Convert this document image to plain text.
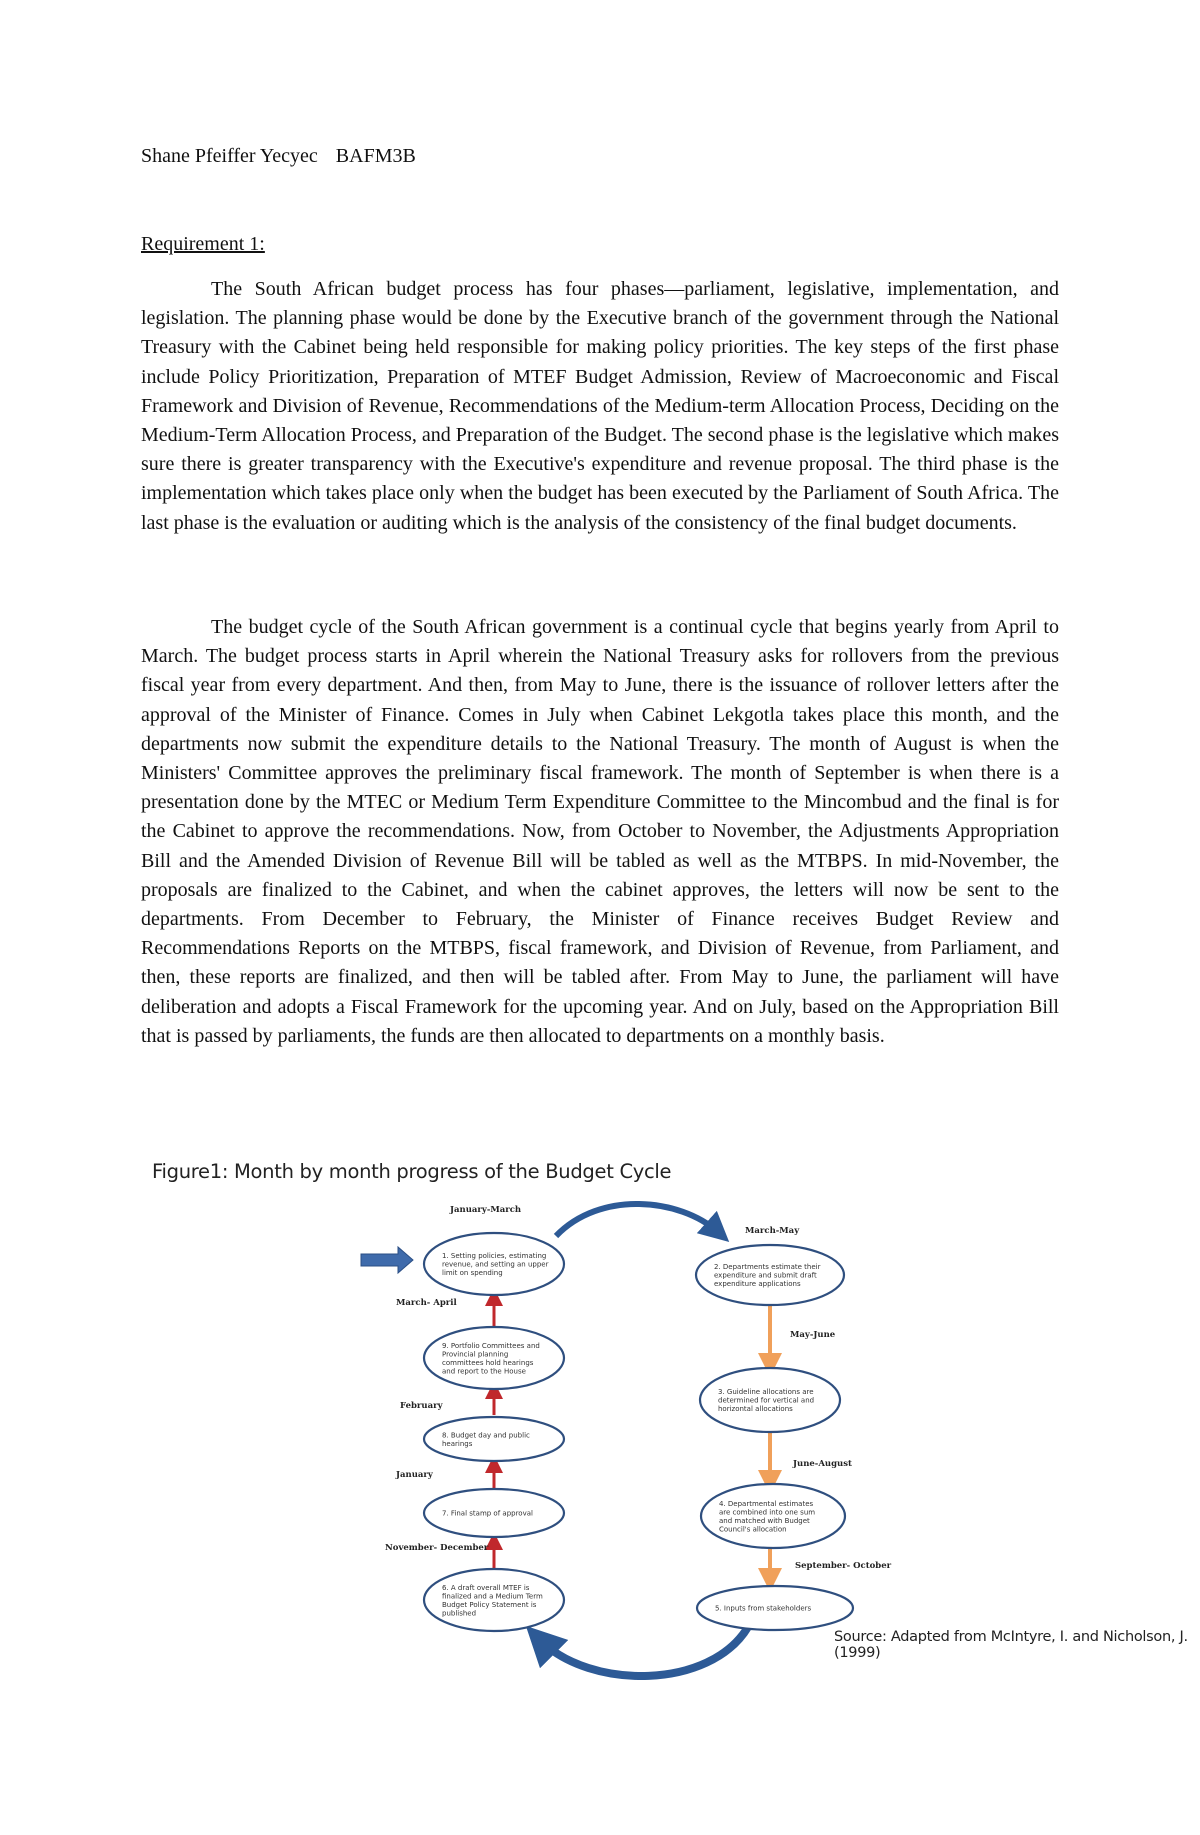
Shane Pfeiffer Yecyec BAFM3B
Requirement 1:

The South African budget process has four phases—parliament, legislative, implementation, and legislation. The planning phase would be done by the Executive branch of the government through the National Treasury with the Cabinet being held responsible for making policy priorities. The key steps of the first phase include Policy Prioritization, Preparation of MTEF Budget Admission, Review of Macroeconomic and Fiscal Framework and Division of Revenue, Recommendations of the Medium-term Allocation Process, Deciding on the Medium-Term Allocation Process, and Preparation of the Budget. The second phase is the legislative which makes sure there is greater transparency with the Executive's expenditure and revenue proposal. The third phase is the implementation which takes place only when the budget has been executed by the Parliament of South Africa. The last phase is the evaluation or auditing which is the analysis of the consistency of the final budget documents.

The budget cycle of the South African government is a continual cycle that begins yearly from April to March. The budget process starts in April wherein the National Treasury asks for rollovers from the previous fiscal year from every department. And then, from May to June, there is the issuance of rollover letters after the approval of the Minister of Finance. Comes in July when Cabinet Lekgotla takes place this month, and the departments now submit the expenditure details to the National Treasury. The month of August is when the Ministers' Committee approves the preliminary fiscal framework. The month of September is when there is a presentation done by the MTEC or Medium Term Expenditure Committee to the Mincombud and the final is for the Cabinet to approve the recommendations. Now, from October to November, the Adjustments Appropriation Bill and the Amended Division of Revenue Bill will be tabled as well as the MTBPS. In mid-November, the proposals are finalized to the Cabinet, and when the cabinet approves, the letters will now be sent to the departments. From December to February, the Minister of Finance receives Budget Review and Recommendations Reports on the MTBPS, fiscal framework, and Division of Revenue, from Parliament, and then, these reports are finalized, and then will be tabled after. From May to June, the parliament will have deliberation and adopts a Fiscal Framework for the upcoming year. And on July, based on the Appropriation Bill that is passed by parliaments, the funds are then allocated to departments on a monthly basis.

Figure1: Month by month progress of the Budget Cycle
1. Setting policies, estimating
revenue, and setting an upper
limit on spending
January-March
9. Portfolio Committees and
Provincial planning
committees hold hearings
and report to the House
March- April
8. Budget day and public
hearings
February
7. Final stamp of approval
January
6. A draft overall MTEF is
finalized and a Medium Term
Budget Policy Statement is
published
November- December
2. Departments estimate their
expenditure and submit draft
expenditure applications
March-May
3. Guideline allocations are
determined for vertical and
horizontal allocations
May-June
4. Departmental estimates
are combined into one sum
and matched with Budget
Council's allocation
June-August
5. Inputs from stakeholders
September- October
Source: Adapted from McIntyre, I. and Nicholson, J. (1999)
